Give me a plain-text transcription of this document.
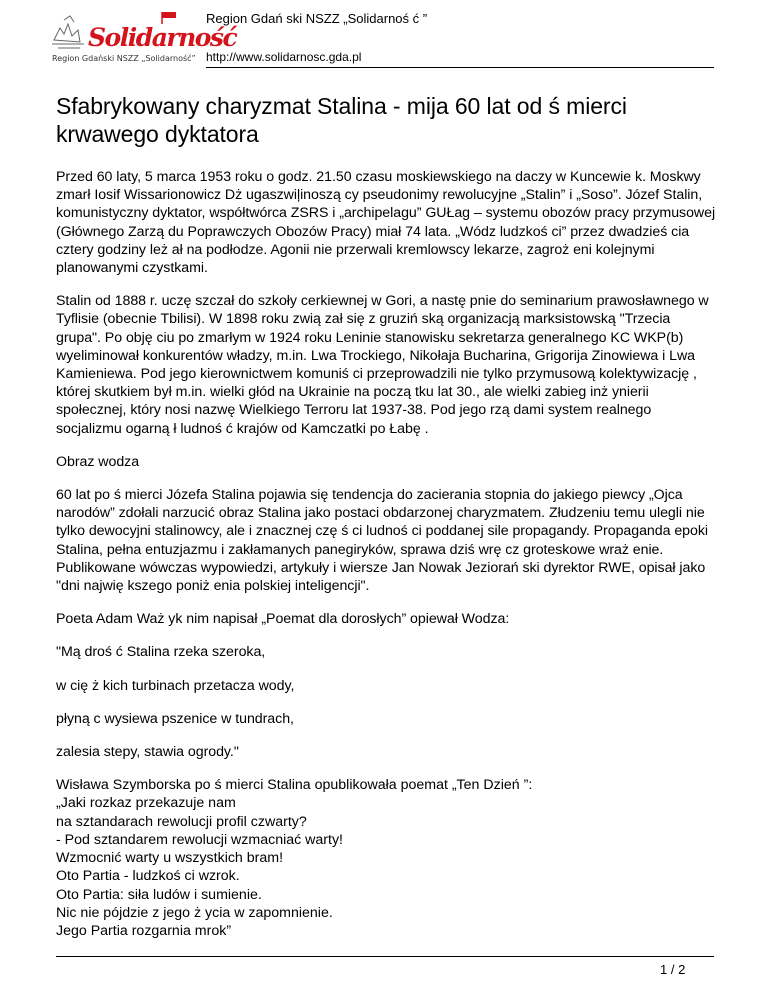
Solidarność
Region Gdański NSZZ „Solidarność”
Region Gdań ski NSZZ „Solidarnoś ć ”
http://www.solidarnosc.gda.pl
Sfabrykowany charyzmat Stalina - mija 60 lat od ś mierci krwawego dyktatora

Przed 60 laty, 5 marca 1953 roku o godz. 21.50 czasu moskiewskiego na daczy w Kuncewie k. Moskwy zmarł Iosif Wissarionowicz Dż ugaszwiļinoszą cy pseudonimy rewolucyjne „Stalin” i „Soso”. Józef Stalin, komunistyczny dyktator, współtwórca ZSRS i „archipelagu” GUŁag – systemu obozów pracy przymusowej (Głównego Zarzą du Poprawczych Obozów Pracy) miał 74 lata. „Wódz ludzkoś ci” przez dwadzieś cia cztery godziny leż ał na podłodze. Agonii nie przerwali kremlowscy lekarze, zagroż eni kolejnymi planowanymi czystkami.

Stalin od 1888 r. uczę szczał do szkoły cerkiewnej w Gori, a nastę pnie do seminarium prawosławnego w Tyflisie (obecnie Tbilisi). W 1898 roku zwią zał się z gruziń ską organizacją marksistowską "Trzecia grupa". Po obję ciu po zmarłym w 1924 roku Leninie stanowisku sekretarza generalnego KC WKP(b) wyeliminował konkurentów władzy, m.in. Lwa Trockiego, Nikołaja Bucharina, Grigorija Zinowiewa i Lwa Kamieniewa. Pod jego kierownictwem komuniś ci przeprowadzili nie tylko przymusową kolektywizację , której skutkiem był m.in. wielki głód na Ukrainie na począ tku lat 30., ale wielki zabieg inż ynierii społecznej, który nosi nazwę Wielkiego Terroru lat 1937-38. Pod jego rzą dami system realnego socjalizmu ogarną ł ludnoś ć krajów od Kamczatki po Łabę .

Obraz wodza

60 lat po ś mierci Józefa Stalina pojawia się tendencja do zacierania stopnia do jakiego piewcy „Ojca narodów” zdołali narzucić obraz Stalina jako postaci obdarzonej charyzmatem. Złudzeniu temu ulegli nie tylko dewocyjni stalinowcy, ale i znacznej czę ś ci ludnoś ci poddanej sile propagandy. Propaganda epoki Stalina, pełna entuzjazmu i zakłamanych panegiryków, sprawa dziś wrę cz groteskowe wraż enie. Publikowane wówczas wypowiedzi, artykuły i wiersze Jan Nowak Jeziorań ski dyrektor RWE, opisał jako "dni najwię kszego poniż enia polskiej inteligencji".

Poeta Adam Waż yk nim napisał „Poemat dla dorosłych” opiewał Wodza:

"Mą droś ć Stalina rzeka szeroka,

w cię ż kich turbinach przetacza wody,

płyną c wysiewa pszenice w tundrach,

zalesia stepy, stawia ogrody."

Wisława Szymborska po ś mierci Stalina opublikowała poemat „Ten Dzień ”:
„Jaki rozkaz przekazuje nam
na sztandarach rewolucji profil czwarty?
- Pod sztandarem rewolucji wzmacniać warty!
Wzmocnić warty u wszystkich bram!
Oto Partia - ludzkoś ci wzrok.
Oto Partia: siła ludów i sumienie.
Nic nie pójdzie z jego ż ycia w zapomnienie.
Jego Partia rozgarnia mrok”
1 / 2
